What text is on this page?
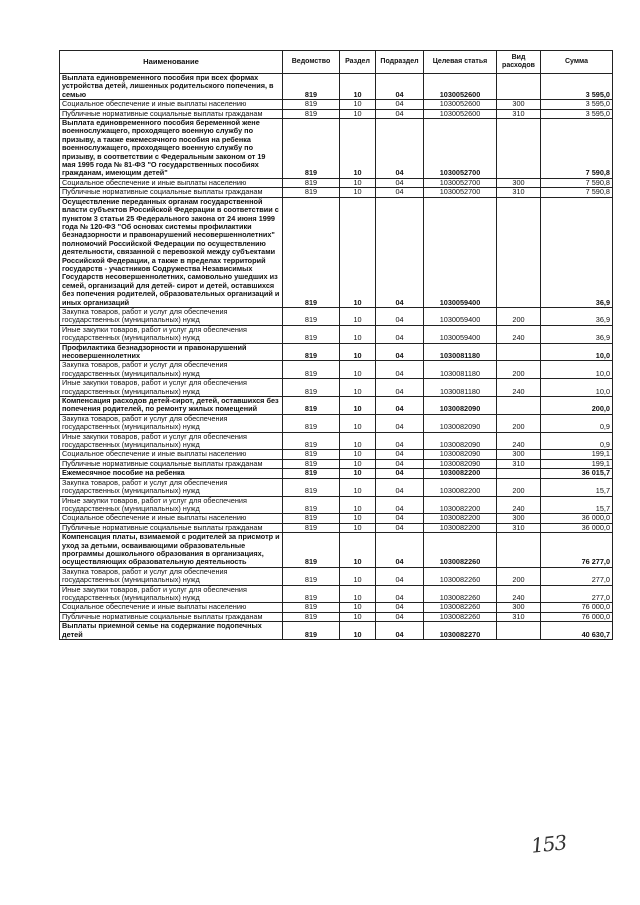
Наименование	Ведомство	Раздел	Подраздел	Целевая статья	Вид расходов	Сумма
Выплата единовременного пособия при всех формах устройства детей, лишенных родительского попечения, в семью	819	10	04	1030052600		3 595,0
Социальное обеспечение и иные выплаты населению	819	10	04	1030052600	300	3 595,0
Публичные нормативные социальные выплаты гражданам	819	10	04	1030052600	310	3 595,0
Выплата единовременного пособия беременной жене военнослужащего, проходящего военную службу по призыву, а также ежемесячного пособия на ребенка военнослужащего, проходящего военную службу по призыву, в соответствии с Федеральным законом от 19 мая 1995 года № 81-ФЗ "О государственных пособиях гражданам, имеющим детей"	819	10	04	1030052700		7 590,8
Социальное обеспечение и иные выплаты населению	819	10	04	1030052700	300	7 590,8
Публичные нормативные социальные выплаты гражданам	819	10	04	1030052700	310	7 590,8
Осуществление переданных органам государственной власти субъектов Российской Федерации в соответствии с пунктом 3 статьи 25 Федерального закона от 24 июня 1999 года № 120-ФЗ "Об основах системы профилактики безнадзорности и правонарушений несовершеннолетних" полномочий Российской Федерации по осуществлению деятельности, связанной с перевозкой между субъектами Российской Федерации, а также в пределах территорий государств - участников Содружества Независимых Государств несовершеннолетних, самовольно ушедших из семей, организаций для детей- сирот и детей, оставшихся без попечения родителей, образовательных организаций и иных организаций	819	10	04	1030059400		36,9
Закупка товаров, работ и услуг для обеспечения государственных (муниципальных) нужд	819	10	04	1030059400	200	36,9
Иные закупки товаров, работ и услуг для обеспечения государственных (муниципальных) нужд	819	10	04	1030059400	240	36,9
Профилактика безнадзорности и правонарушений несовершеннолетних	819	10	04	1030081180		10,0
Закупка товаров, работ и услуг для обеспечения государственных (муниципальных) нужд	819	10	04	1030081180	200	10,0
Иные закупки товаров, работ и услуг для обеспечения государственных (муниципальных) нужд	819	10	04	1030081180	240	10,0
Компенсация расходов детей-сирот, детей, оставшихся без попечения родителей, по ремонту жилых помещений	819	10	04	1030082090		200,0
Закупка товаров, работ и услуг для обеспечения государственных (муниципальных) нужд	819	10	04	1030082090	200	0,9
Иные закупки товаров, работ и услуг для обеспечения государственных (муниципальных) нужд	819	10	04	1030082090	240	0,9
Социальное обеспечение и иные выплаты населению	819	10	04	1030082090	300	199,1
Публичные нормативные социальные выплаты гражданам	819	10	04	1030082090	310	199,1
Ежемесячное пособие на ребенка	819	10	04	1030082200		36 015,7
Закупка товаров, работ и услуг для обеспечения государственных (муниципальных) нужд	819	10	04	1030082200	200	15,7
Иные закупки товаров, работ и услуг для обеспечения государственных (муниципальных) нужд	819	10	04	1030082200	240	15,7
Социальное обеспечение и иные выплаты населению	819	10	04	1030082200	300	36 000,0
Публичные нормативные социальные выплаты гражданам	819	10	04	1030082200	310	36 000,0
Компенсация платы, взимаемой с родителей за присмотр и уход за детьми, осваивающими образовательные программы дошкольного образования в организациях, осуществляющих образовательную деятельность	819	10	04	1030082260		76 277,0
Закупка товаров, работ и услуг для обеспечения государственных (муниципальных) нужд	819	10	04	1030082260	200	277,0
Иные закупки товаров, работ и услуг для обеспечения государственных (муниципальных) нужд	819	10	04	1030082260	240	277,0
Социальное обеспечение и иные выплаты населению	819	10	04	1030082260	300	76 000,0
Публичные нормативные социальные выплаты гражданам	819	10	04	1030082260	310	76 000,0
Выплаты приемной семье на содержание подопечных детей	819	10	04	1030082270		40 630,7
153
